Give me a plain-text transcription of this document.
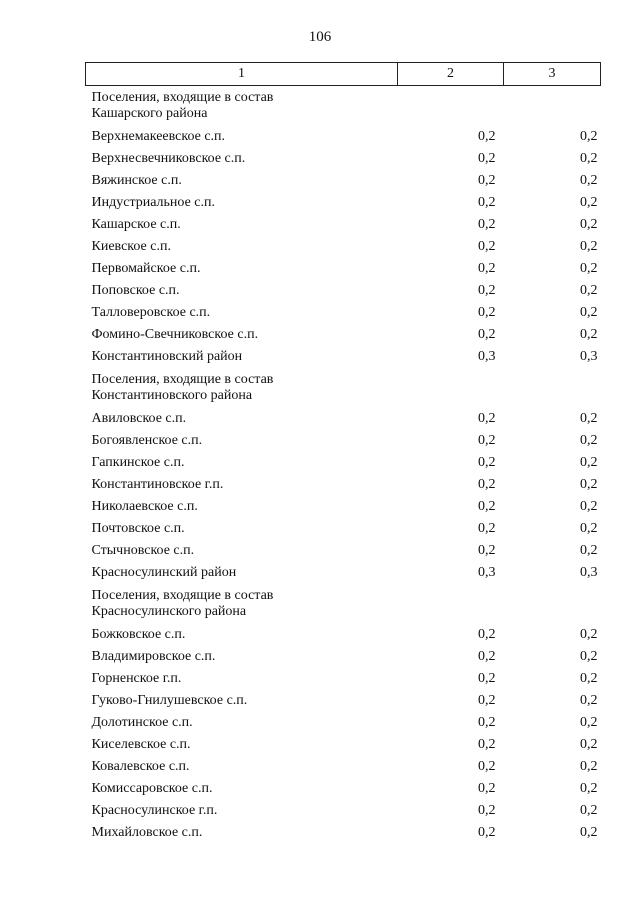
106
1	2	3
Поселения, входящие в состав Кашарского района		
Верхнемакеевское с.п.	0,2	0,2
Верхнесвечниковское с.п.	0,2	0,2
Вяжинское с.п.	0,2	0,2
Индустриальное с.п.	0,2	0,2
Кашарское с.п.	0,2	0,2
Киевское с.п.	0,2	0,2
Первомайское с.п.	0,2	0,2
Поповское с.п.	0,2	0,2
Талловеровское с.п.	0,2	0,2
Фомино-Свечниковское с.п.	0,2	0,2
Константиновский район	0,3	0,3
Поселения, входящие в состав Константиновского района		
Авиловское с.п.	0,2	0,2
Богоявленское с.п.	0,2	0,2
Гапкинское с.п.	0,2	0,2
Константиновское г.п.	0,2	0,2
Николаевское с.п.	0,2	0,2
Почтовское с.п.	0,2	0,2
Стычновское с.п.	0,2	0,2
Красносулинский район	0,3	0,3
Поселения, входящие в состав Красносулинского района		
Божковское с.п.	0,2	0,2
Владимировское с.п.	0,2	0,2
Горненское г.п.	0,2	0,2
Гуково-Гнилушевское с.п.	0,2	0,2
Долотинское с.п.	0,2	0,2
Киселевское с.п.	0,2	0,2
Ковалевское с.п.	0,2	0,2
Комиссаровское с.п.	0,2	0,2
Красносулинское г.п.	0,2	0,2
Михайловское с.п.	0,2	0,2
